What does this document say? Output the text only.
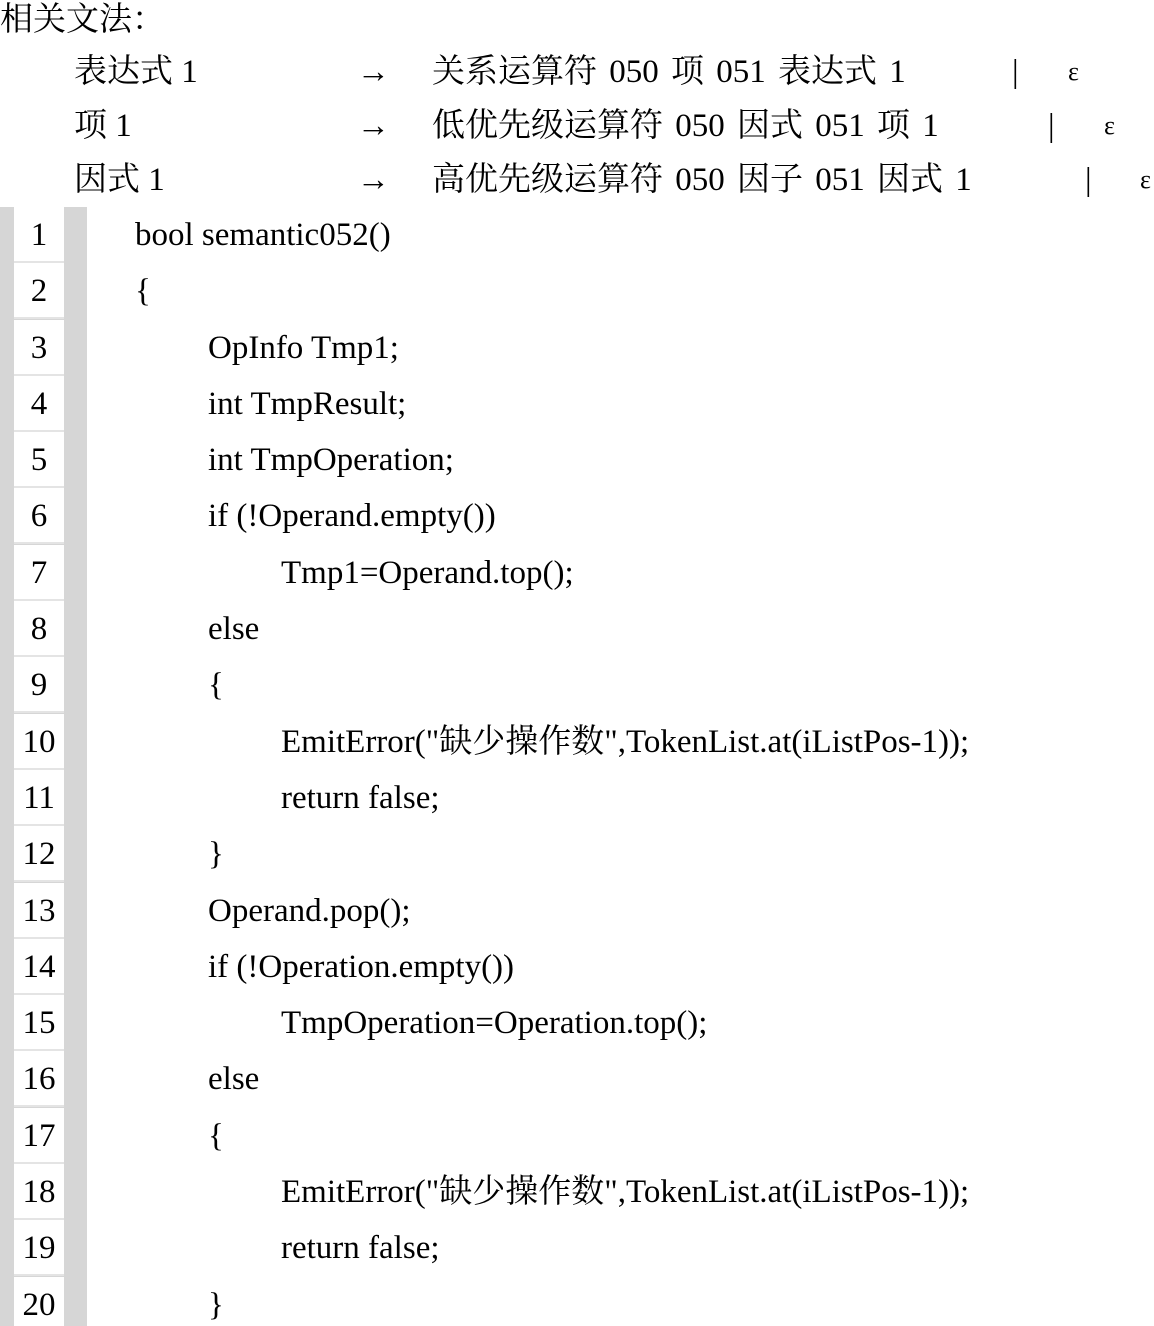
相关文法：
表达式 1	→ 关系运算符 050 项 051 表达式 1	| ε
项 1	→ 低优先级运算符 050 因式 051 项 1	| ε
因式 1	→ 高优先级运算符 050 因子 051 因式 1	| ε
1	bool semantic052()
2	{
3	OpInfo Tmp1;
4	int TmpResult;
5	int TmpOperation;
6	if (!Operand.empty())
7	Tmp1=Operand.top();
8	else
9	{
10	EmitError("缺少操作数",TokenList.at(iListPos-1));
11	return false;
12	}
13	Operand.pop();
14	if (!Operation.empty())
15	TmpOperation=Operation.top();
16	else
17	{
18	EmitError("缺少操作数",TokenList.at(iListPos-1));
19	return false;
20	}
